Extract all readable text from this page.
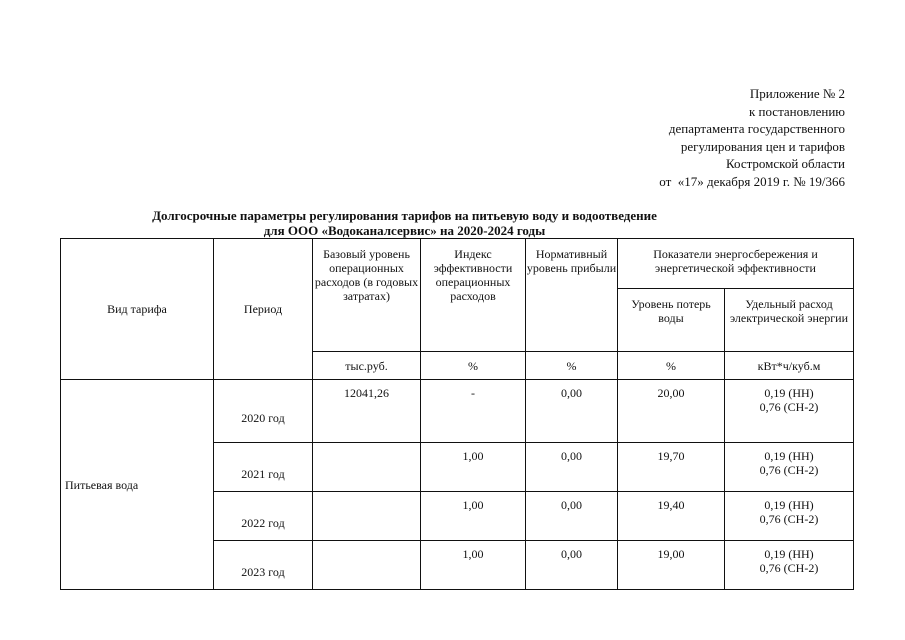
Приложение № 2
к постановлению
департамента государственного
регулирования цен и тарифов
Костромской области
от  «17» декабря 2019 г. № 19/366
Долгосрочные параметры регулирования тарифов на питьевую воду и водоотведение
для ООО «Водоканалсервис» на 2020-2024 годы
Вид тарифа	Период	Базовый уровень операционных расходов (в годовых затратах)	Индекс эффективности операционных расходов	Нормативный уровень прибыли	Показатели энергосбережения и энергетической эффективности	
					Уровень потерь воды	Удельный расход электрической энергии
		тыс.руб.	%	%	%	кВт*ч/куб.м
Питьевая вода	2020 год	12041,26	-	0,00	20,00	0,19 (НН)
0,76 (СН-2)
	2021 год		1,00	0,00	19,70	0,19 (НН)
0,76 (СН-2)
	2022 год		1,00	0,00	19,40	0,19 (НН)
0,76 (СН-2)
	2023 год		1,00	0,00	19,00	0,19 (НН)
0,76 (СН-2)
